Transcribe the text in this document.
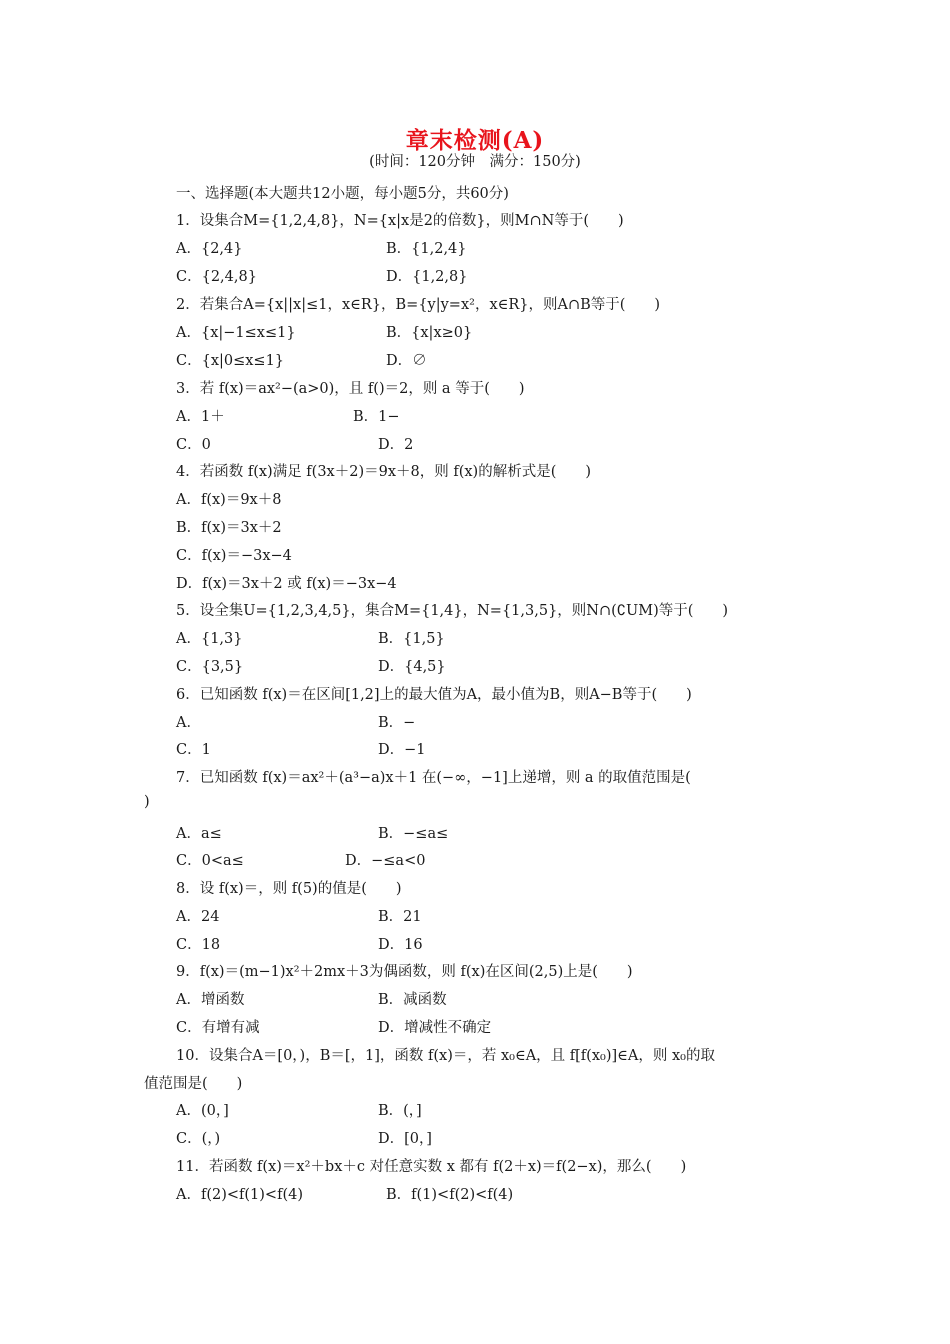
章末检测(A)
(时间：120分钟　满分：150分)
一、选择题(本大题共12小题，每小题5分，共60分)
1．设集合M={1,2,4,8}，N={x|x是2的倍数}，则M∩N等于(　　)
A．{2,4}	B．{1,2,4}
C．{2,4,8}	D．{1,2,8}
2．若集合A={x||x|≤1，x∈R}，B={y|y=x²，x∈R}，则A∩B等于(　　)
A．{x|−1≤x≤1}	B．{x|x≥0}
C．{x|0≤x≤1}	D．∅
3．若 f(x)＝ax²−(a>0)，且 f()＝2，则 a 等于(　　)
A．1＋	B．1−
C．0	D．2
4．若函数 f(x)满足 f(3x＋2)＝9x＋8，则 f(x)的解析式是(　　)
A．f(x)＝9x＋8
B．f(x)＝3x＋2
C．f(x)＝−3x−4
D．f(x)＝3x＋2 或 f(x)＝−3x−4
5．设全集U={1,2,3,4,5}，集合M={1,4}，N={1,3,5}，则N∩(∁UM)等于(　　)
A．{1,3}	B．{1,5}
C．{3,5}	D．{4,5}
6．已知函数 f(x)＝在区间[1,2]上的最大值为A，最小值为B，则A−B等于(　　)
A．	B．−
C．1	D．−1
7．已知函数 f(x)＝ax²＋(a³−a)x＋1 在(−∞，−1]上递增，则 a 的取值范围是(
)
A．a≤	B．−≤a≤
C．0<a≤	D．−≤a<0
8．设 f(x)＝，则 f(5)的值是(　　)
A．24	B．21
C．18	D．16
9．f(x)＝(m−1)x²＋2mx＋3为偶函数，则 f(x)在区间(2,5)上是(　　)
A．增函数	B．减函数
C．有增有减	D．增减性不确定
10．设集合A＝[0，)，B＝[，1]，函数 f(x)＝，若 x₀∈A，且 f[f(x₀)]∈A，则 x₀的取
值范围是(　　)
A．(0，]	B．(，]
C．(，)	D．[0，]
11．若函数 f(x)＝x²＋bx＋c 对任意实数 x 都有 f(2＋x)＝f(2−x)，那么(　　)
A．f(2)<f(1)<f(4)	B．f(1)<f(2)<f(4)
